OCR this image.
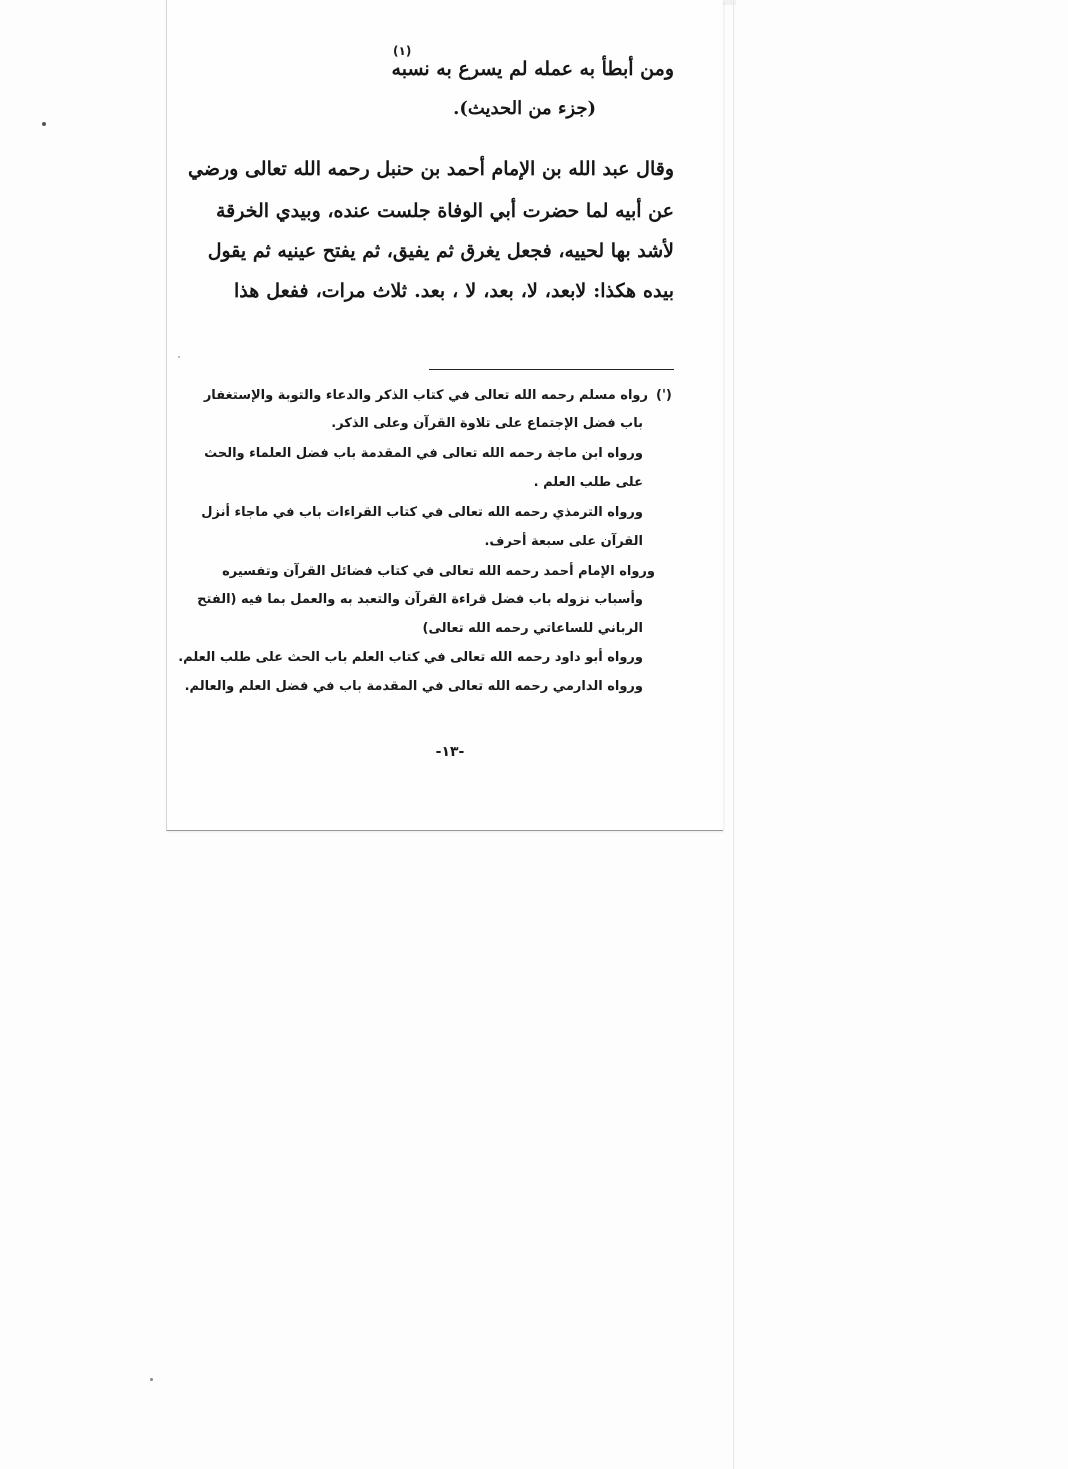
ومن أبطأ به عمله لم يسرع به نسبه
(١)
(جزء من الحديث).
وقال عبد الله بن الإمام أحمد بن حنبل رحمه الله تعالى ورضي
عن أبيه لما حضرت أبي الوفاة جلست عنده، وبيدي الخرقة
لأشد بها لحييه، فجعل يغرق ثم يفيق، ثم يفتح عينيه ثم يقول
بيده هكذا: لابعد، لا، بعد، لا ، بعد. ثلاث مرات، ففعل هذا
(')
رواه مسلم رحمه الله تعالى في كتاب الذكر والدعاء والتوبة والإستغفار
باب فضل الإجتماع على تلاوة القرآن وعلى الذكر.
ورواه ابن ماجة رحمه الله تعالى في المقدمة باب فضل العلماء والحث
على طلب العلم .
ورواه الترمذي رحمه الله تعالى في كتاب القراءات باب في ماجاء أنزل
القرآن على سبعة أحرف.
ورواه الإمام أحمد رحمه الله تعالى في كتاب فضائل القرآن وتفسيره
وأسباب نزوله باب فضل قراءة القرآن والتعبد به والعمل بما فيه (الفتح
الرباني للساعاتي رحمه الله تعالى)
ورواه أبو داود رحمه الله تعالى في كتاب العلم باب الحث على طلب العلم.
ورواه الدارمي رحمه الله تعالى في المقدمة باب في فضل العلم والعالم.
-١٣-
